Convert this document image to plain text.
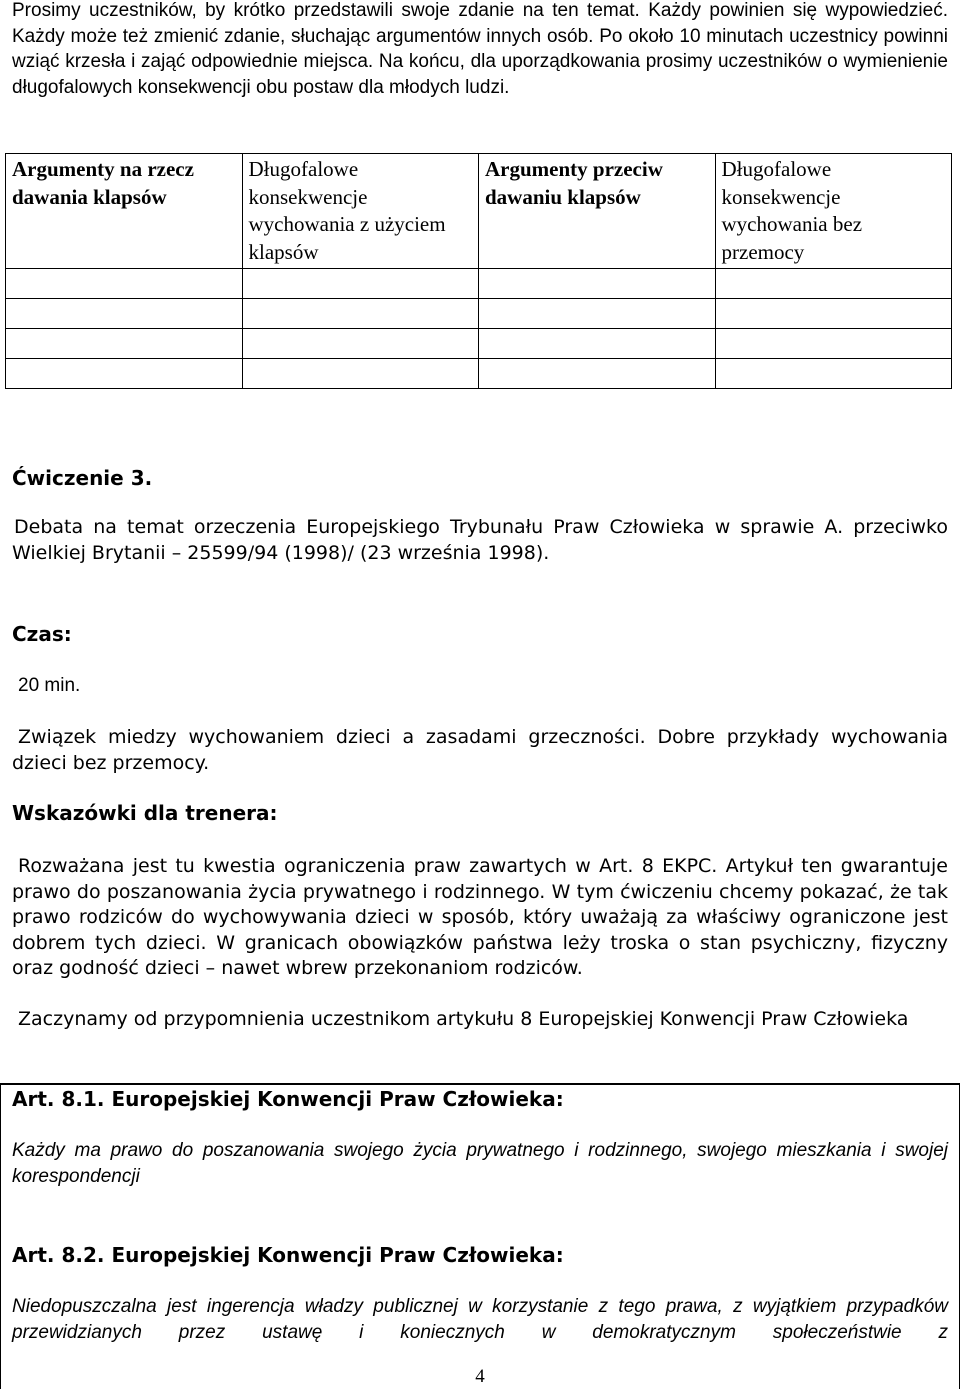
Prosimy uczestników, by krótko przedstawili swoje zdanie na ten temat. Każdy powinien się wypowiedzieć. Każdy może też zmienić zdanie, słuchając argumentów innych osób. Po około 10 minutach uczestnicy powinni wziąć krzesła i zająć odpowiednie miejsca. Na końcu, dla uporządkowania prosimy uczestników o wymienienie długofalowych konsekwencji obu postaw dla młodych ludzi.

Argumenty na rzecz dawania klapsów	Długofalowe konsekwencje wychowania z użyciem klapsów	Argumenty przeciw dawaniu klapsów	Długofalowe konsekwencje wychowania bez przemocy

Ćwiczenie 3.

Debata na temat orzeczenia Europejskiego Trybunału Praw Człowieka w sprawie A. przeciwko Wielkiej Brytanii – 25599/94 (1998)/ (23 września 1998).

Czas:

20 min.

Związek miedzy wychowaniem dzieci a zasadami grzeczności. Dobre przykłady wychowania dzieci bez przemocy.

Wskazówki dla trenera:

Rozważana jest tu kwestia ograniczenia praw zawartych w Art. 8 EKPC. Artykuł ten gwarantuje prawo do poszanowania życia prywatnego i rodzinnego. W tym ćwiczeniu chcemy pokazać, że tak prawo rodziców do wychowywania dzieci w sposób, który uważają za właściwy ograniczone jest dobrem tych dzieci. W granicach obowiązków państwa leży troska o stan psychiczny, fizyczny oraz godność dzieci – nawet wbrew przekonaniom rodziców.

Zaczynamy od przypomnienia uczestnikom artykułu 8 Europejskiej Konwencji Praw Człowieka

Art. 8.1. Europejskiej Konwencji Praw Człowieka:

Każdy ma prawo do poszanowania swojego życia prywatnego i rodzinnego, swojego mieszkania i swojej korespondencji

Art. 8.2. Europejskiej Konwencji Praw Człowieka:

Niedopuszczalna jest ingerencja władzy publicznej w korzystanie z tego prawa, z wyjątkiem przypadków przewidzianych przez ustawę i koniecznych w demokratycznym społeczeństwie z

4
